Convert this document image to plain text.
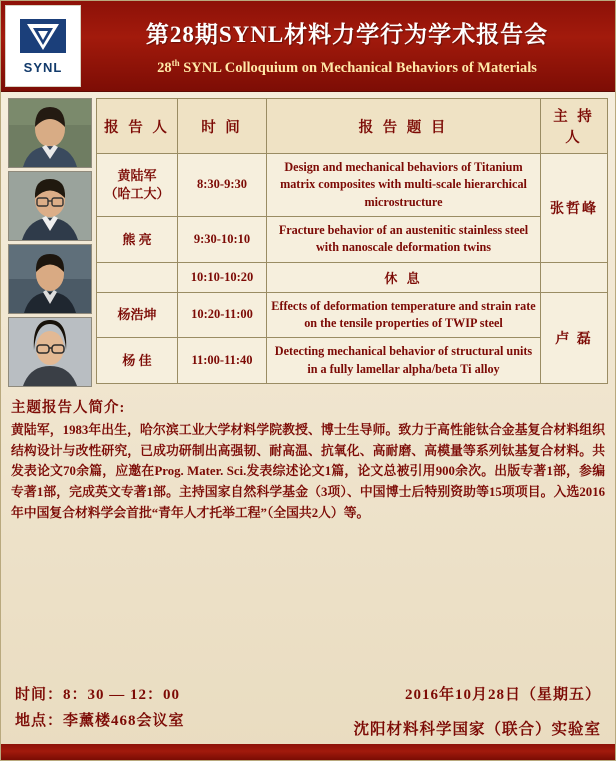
SYNL
第28期SYNL材料力学行为学术报告会
28th SYNL Colloquium on Mechanical Behaviors of Materials
报 告 人	时 间	报 告 题 目	主 持 人

黄陆军
（哈工大）	8:30-9:30	Design and mechanical behaviors of Titanium matrix composites with multi-scale hierarchical microstructure	张哲峰
熊 亮	9:30-10:10	Fracture behavior of an austenitic stainless steel with nanoscale deformation twins	
	10:10-10:20	休 息	
杨浩坤	10:20-11:00	Effects of deformation temperature and strain rate on the tensile properties of TWIP steel	卢 磊
杨 佳	11:00-11:40	Detecting mechanical behavior of structural units in a fully lamellar alpha/beta Ti alloy	
主题报告人简介:
黄陆军，1983年出生，哈尔滨工业大学材料学院教授、博士生导师。致力于高性能钛合金基复合材料组织结构设计与改性研究，已成功研制出高强韧、耐高温、抗氧化、高耐磨、高模量等系列钛基复合材料。共发表论文70余篇，应邀在Prog. Mater. Sci.发表综述论文1篇，论文总被引用900余次。出版专著1部，参编专著1部，完成英文专著1部。主持国家自然科学基金（3项）、中国博士后特别资助等15项项目。入选2016年中国复合材料学会首批“青年人才托举工程”（全国共2人）等。
时间：8：30 — 12：00
地点：李薰楼468会议室
2016年10月28日（星期五）
沈阳材料科学国家（联合）实验室
